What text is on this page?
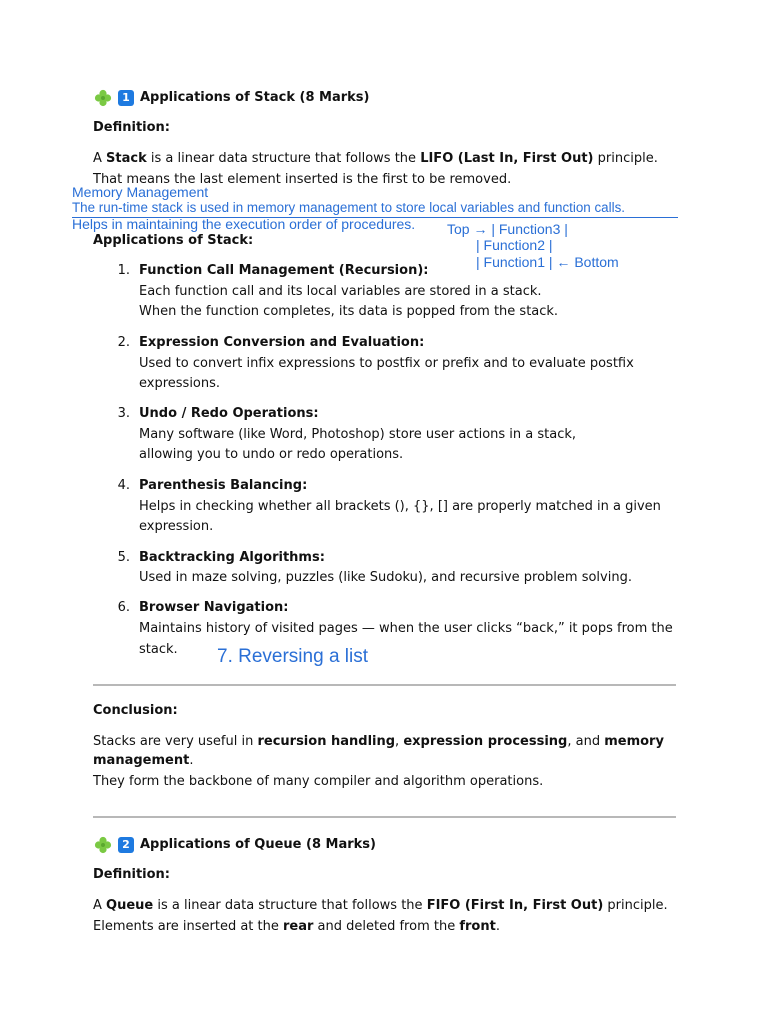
1 Applications of Stack (8 Marks)
Definition:
A Stack is a linear data structure that follows the LIFO (Last In, First Out) principle.
That means the last element inserted is the first to be removed.
Memory Management
The run-time stack is used in memory management to store local variables and function calls.
Helps in maintaining the execution order of procedures. Top → | Function3 |
| Function2 |
| Function1 | ← Bottom
Applications of Stack:
1. Function Call Management (Recursion):
Each function call and its local variables are stored in a stack.
When the function completes, its data is popped from the stack.
2. Expression Conversion and Evaluation:
Used to convert infix expressions to postfix or prefix and to evaluate postfix
expressions.
3. Undo / Redo Operations:
Many software (like Word, Photoshop) store user actions in a stack,
allowing you to undo or redo operations.
4. Parenthesis Balancing:
Helps in checking whether all brackets (), {}, [] are properly matched in a given
expression.
5. Backtracking Algorithms:
Used in maze solving, puzzles (like Sudoku), and recursive problem solving.
6. Browser Navigation:
Maintains history of visited pages — when the user clicks “back,” it pops from the
stack. 7. Reversing a list
Conclusion:
Stacks are very useful in recursion handling, expression processing, and memory
management.
They form the backbone of many compiler and algorithm operations.
2 Applications of Queue (8 Marks)
Definition:
A Queue is a linear data structure that follows the FIFO (First In, First Out) principle.
Elements are inserted at the rear and deleted from the front.
